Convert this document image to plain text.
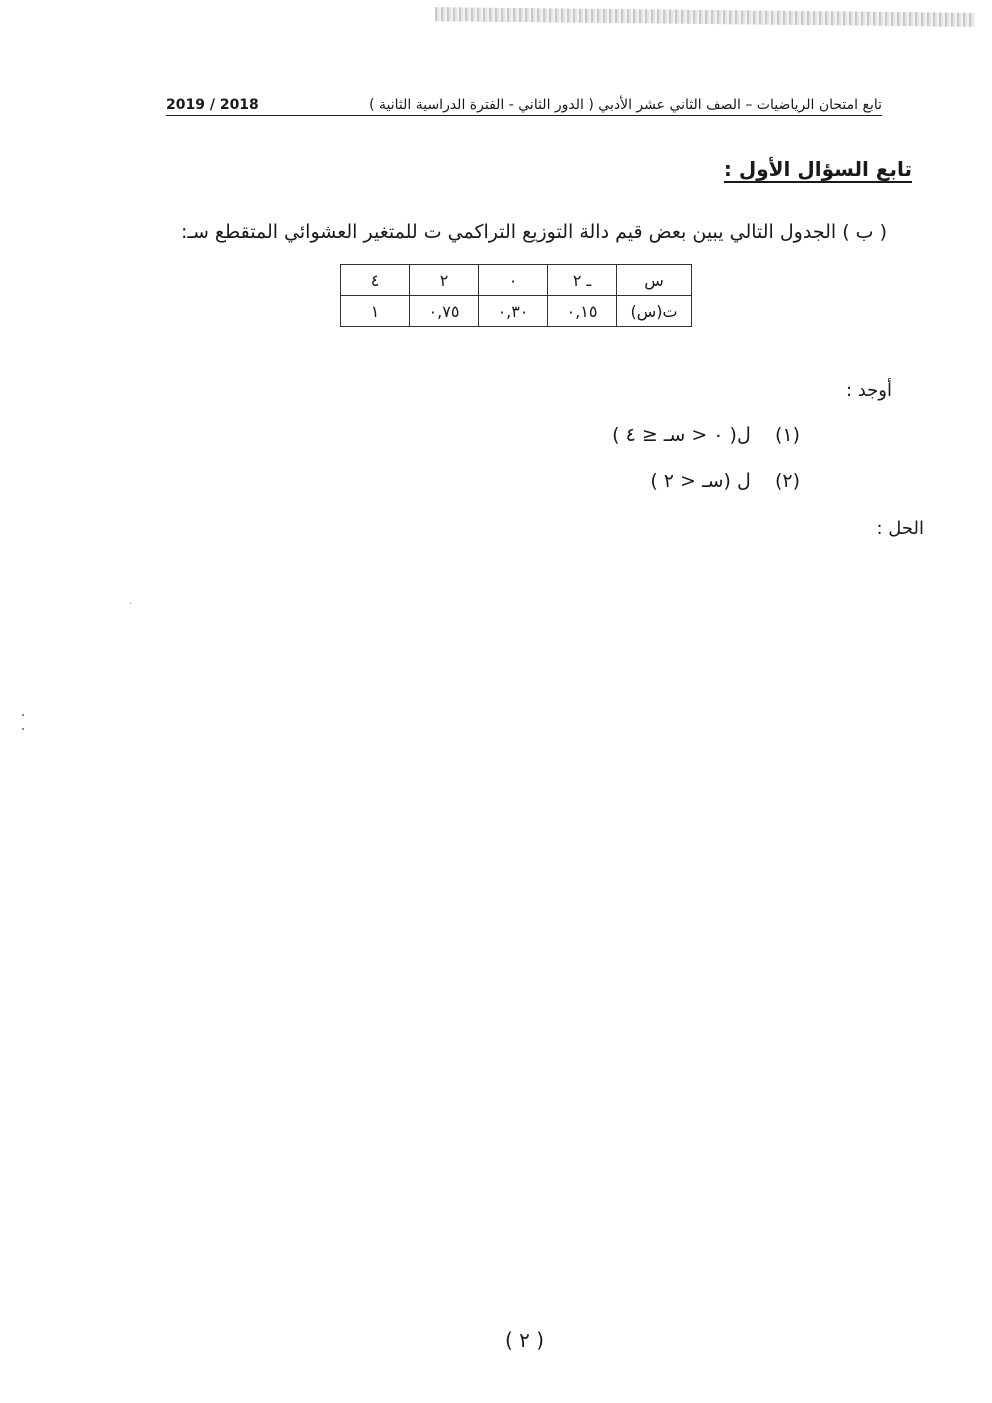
تابع امتحان الرياضيات – الصف الثاني عشر الأدبي ( الدور الثاني - الفترة الدراسية الثانية )
2019 / 2018
تابع السؤال الأول :
( ب ) الجدول التالي يبين بعض قيم دالة التوزيع التراكمي ت للمتغير العشوائي المتقطع سـ:
س	ـ ٢	٠	٢	٤
ت(س)	٠,١٥	٠,٣٠	٠,٧٥	١
أوجد :
(١)    ل( ٠ < سـ ≤ ٤ )
(٢)    ل (سـ < ٢ )
الحل :
( ٢ )
